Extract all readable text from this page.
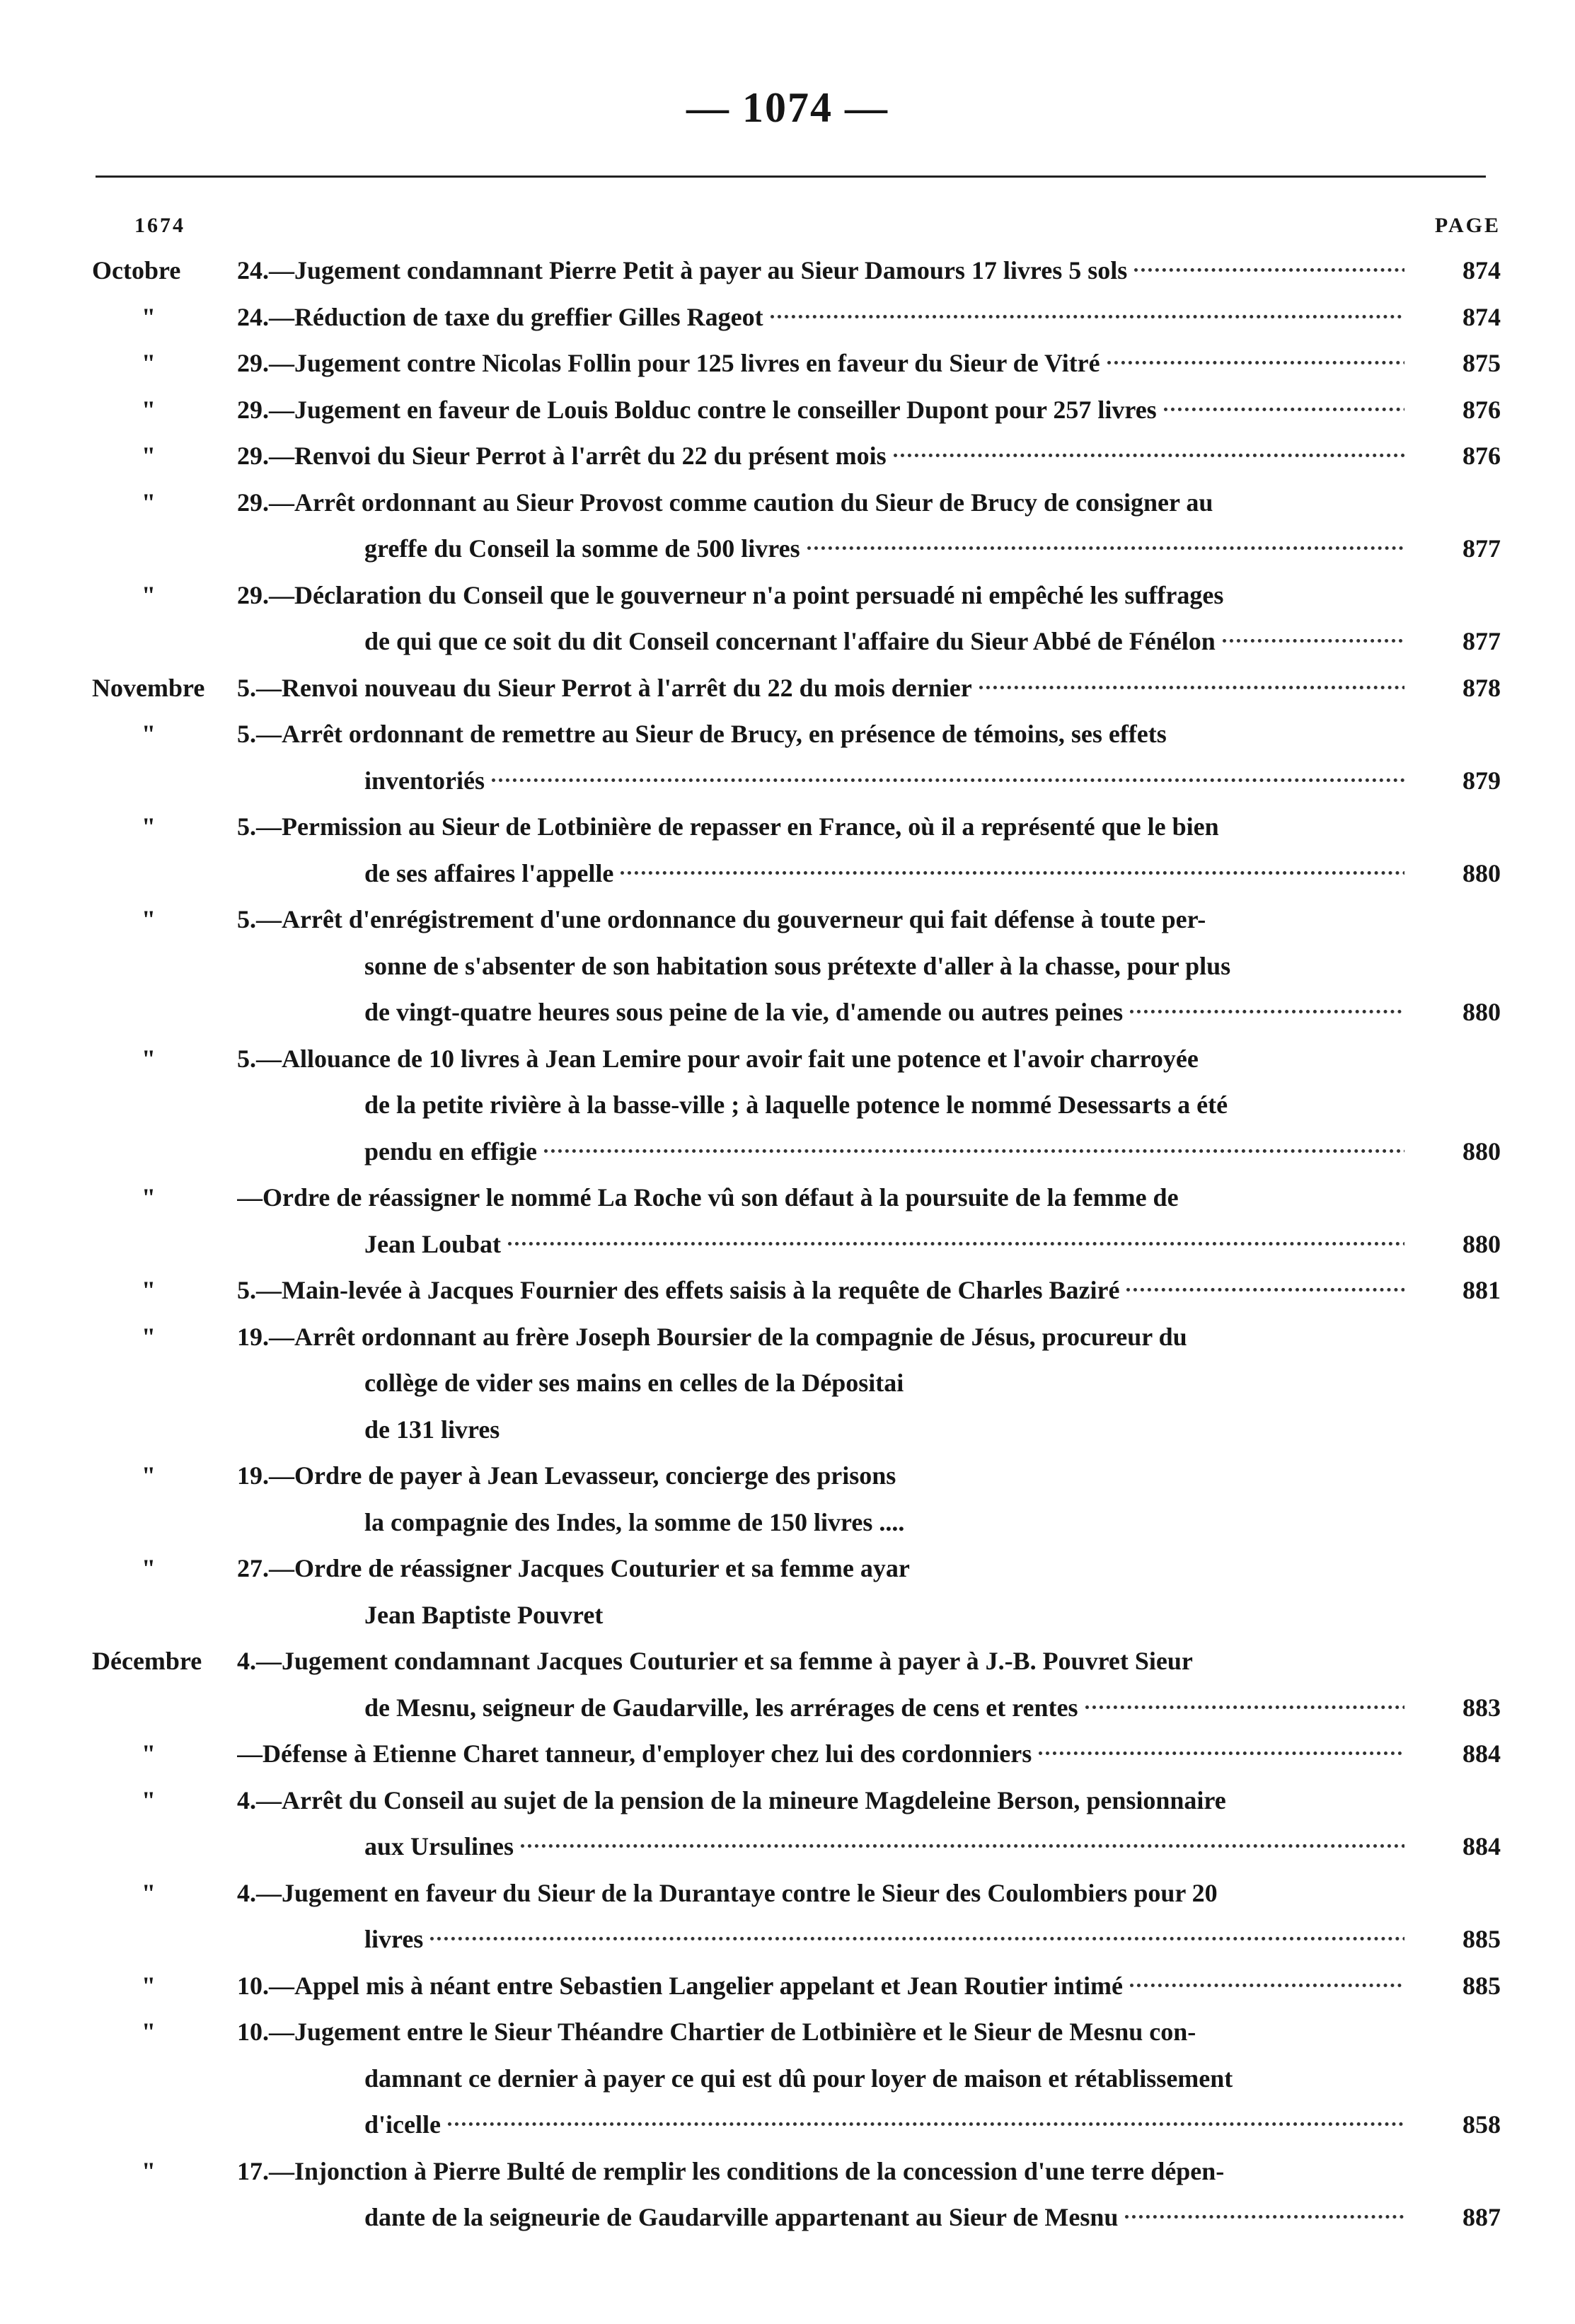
— 1074 —
1674	PAGE
Octobre	24.—Jugement condamnant Pierre Petit à payer au Sieur Damours 17 livres 5 sols	874
"	24.—Réduction de taxe du greffier Gilles Rageot	874
"	29.—Jugement contre Nicolas Follin pour 125 livres en faveur du Sieur de Vitré	875
"	29.—Jugement en faveur de Louis Bolduc contre le conseiller Dupont pour 257 livres	876
"	29.—Renvoi du Sieur Perrot à l'arrêt du 22 du présent mois	876
"	29.—Arrêt ordonnant au Sieur Provost comme caution du Sieur de Brucy de consigner au
greffe du Conseil la somme de 500 livres	877
"	29.—Déclaration du Conseil que le gouverneur n'a point persuadé ni empêché les suffrages
de qui que ce soit du dit Conseil concernant l'affaire du Sieur Abbé de Fénélon	877
Novembre	5.—Renvoi nouveau du Sieur Perrot à l'arrêt du 22 du mois dernier	878
"	5.—Arrêt ordonnant de remettre au Sieur de Brucy, en présence de témoins, ses effets
inventoriés	879
"	5.—Permission au Sieur de Lotbinière de repasser en France, où il a représenté que le bien
de ses affaires l'appelle	880
"	5.—Arrêt d'enrégistrement d'une ordonnance du gouverneur qui fait défense à toute per-
sonne de s'absenter de son habitation sous prétexte d'aller à la chasse, pour plus
de vingt-quatre heures sous peine de la vie, d'amende ou autres peines	880
"	5.—Allouance de 10 livres à Jean Lemire pour avoir fait une potence et l'avoir charroyée
de la petite rivière à la basse-ville ; à laquelle potence le nommé Desessarts a été
pendu en effigie	880
"	—Ordre de réassigner le nommé La Roche vû son défaut à la poursuite de la femme de
Jean Loubat	880
"	5.—Main-levée à Jacques Fournier des effets saisis à la requête de Charles Baziré	881
"	19.—Arrêt ordonnant au frère Joseph Boursier de la compagnie de Jésus, procureur du
collège de vider ses mains en celles de la Dépositai
de 131 livres
"	19.—Ordre de payer à Jean Levasseur, concierge des prisons
la compagnie des Indes, la somme de 150 livres ....
"	27.—Ordre de réassigner Jacques Couturier et sa femme ayar
Jean Baptiste Pouvret
Décembre	4.—Jugement condamnant Jacques Couturier et sa femme à payer à J.-B. Pouvret Sieur
de Mesnu, seigneur de Gaudarville, les arrérages de cens et rentes	883
"	—Défense à Etienne Charet tanneur, d'employer chez lui des cordonniers	884
"	4.—Arrêt du Conseil au sujet de la pension de la mineure Magdeleine Berson, pensionnaire
aux Ursulines	884
"	4.—Jugement en faveur du Sieur de la Durantaye contre le Sieur des Coulombiers pour 20
livres	885
"	10.—Appel mis à néant entre Sebastien Langelier appelant et Jean Routier intimé	885
"	10.—Jugement entre le Sieur Théandre Chartier de Lotbinière et le Sieur de Mesnu con-
damnant ce dernier à payer ce qui est dû pour loyer de maison et rétablissement
d'icelle	858
"	17.—Injonction à Pierre Bulté de remplir les conditions de la concession d'une terre dépen-
dante de la seigneurie de Gaudarville appartenant au Sieur de Mesnu	887
